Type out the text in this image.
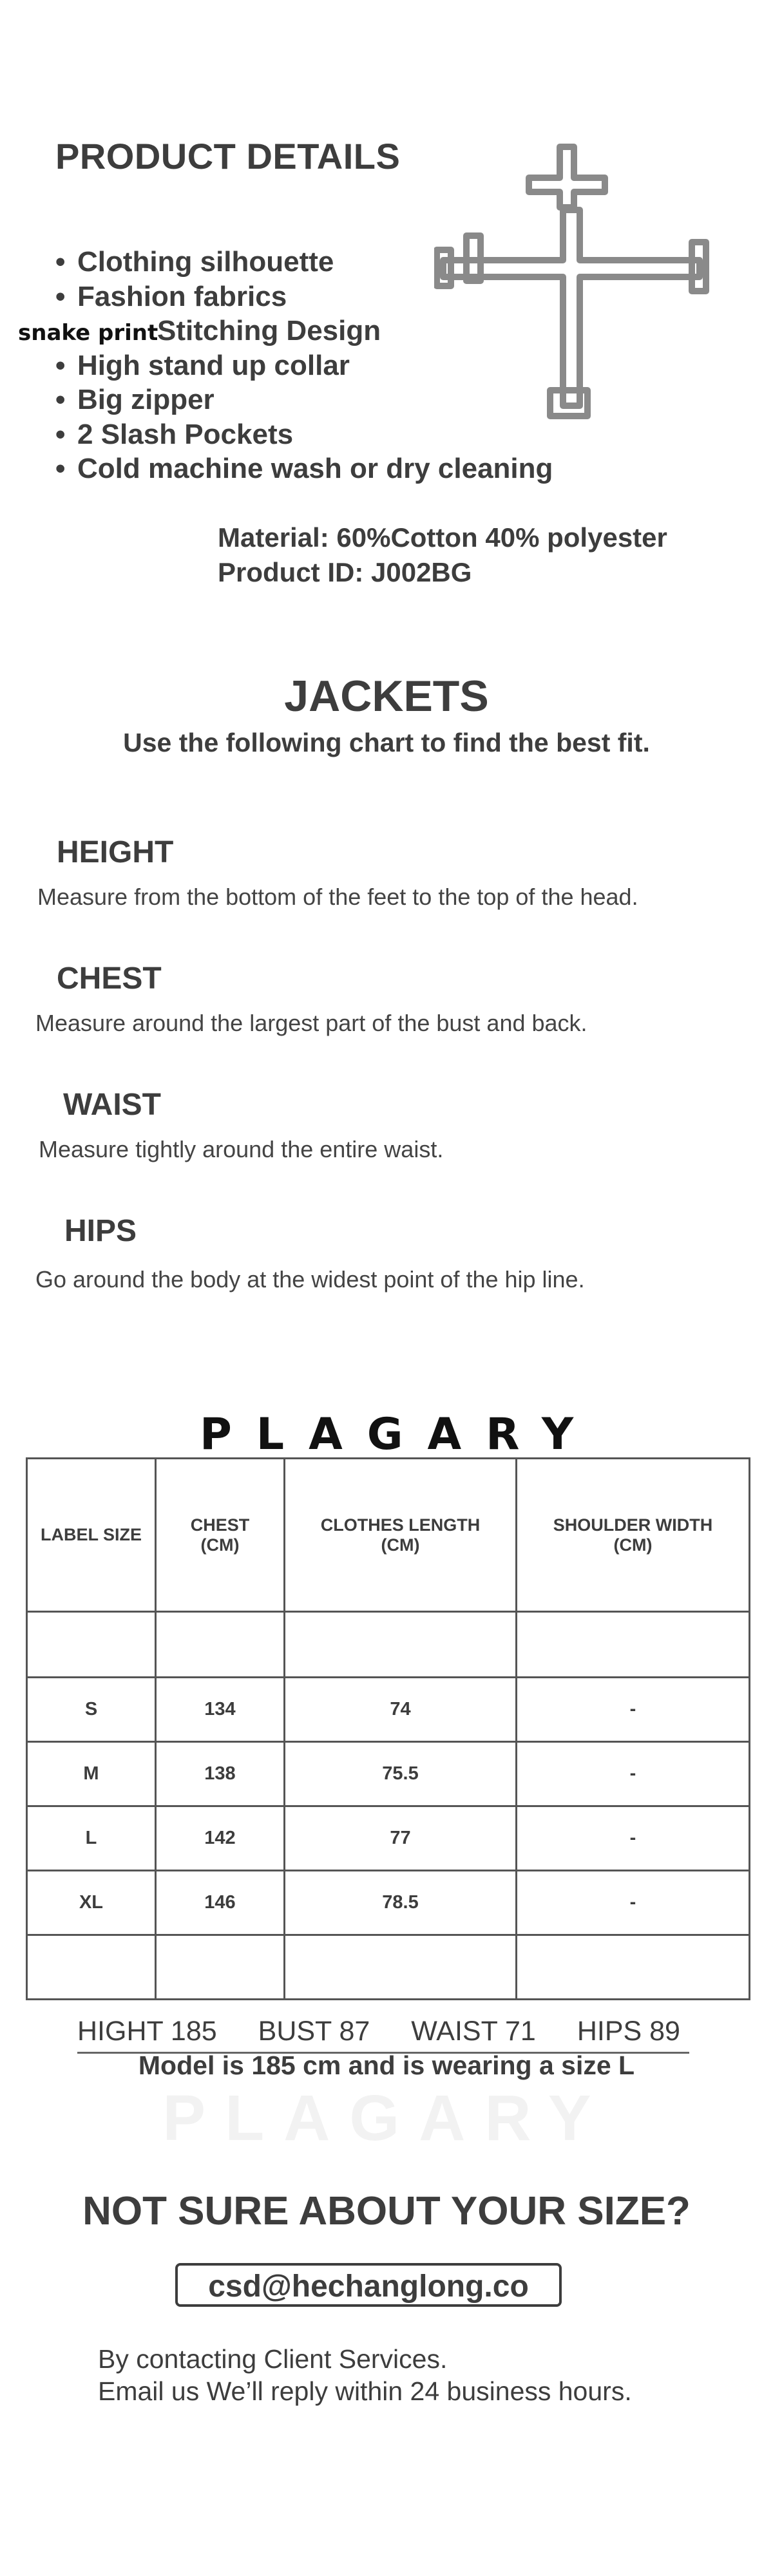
PRODUCT DETAILS
• Clothing silhouette
• Fashion fabrics
snake print
Stitching Design
• High stand up collar
• Big zipper
• 2 Slash Pockets
• Cold machine wash or dry cleaning
Material: 60%Cotton 40% polyester
Product ID: J002BG
JACKETS
Use the following chart to find the best fit.
HEIGHT
Measure from the bottom of the feet to the top of the head.
CHEST
Measure around the largest part of the bust and back.
WAIST
Measure tightly around the entire waist.
HIPS
Go around the body at the widest point of the hip line.
PLAGARY
LABEL SIZE	CHEST (CM)	CLOTHES LENGTH (CM)	SHOULDER WIDTH (CM)

S	134	74	-
M	138	75.5	-
L	142	77	-
XL	146	78.5	-

HIGHT 185 BUST 87 WAIST 71 HIPS 89
Model is 185 cm and is wearing a size L
PLAGARY
NOT SURE ABOUT YOUR SIZE?
csd@hechanglong.co
By contacting Client Services.
Email us We’ll reply within 24 business hours.
